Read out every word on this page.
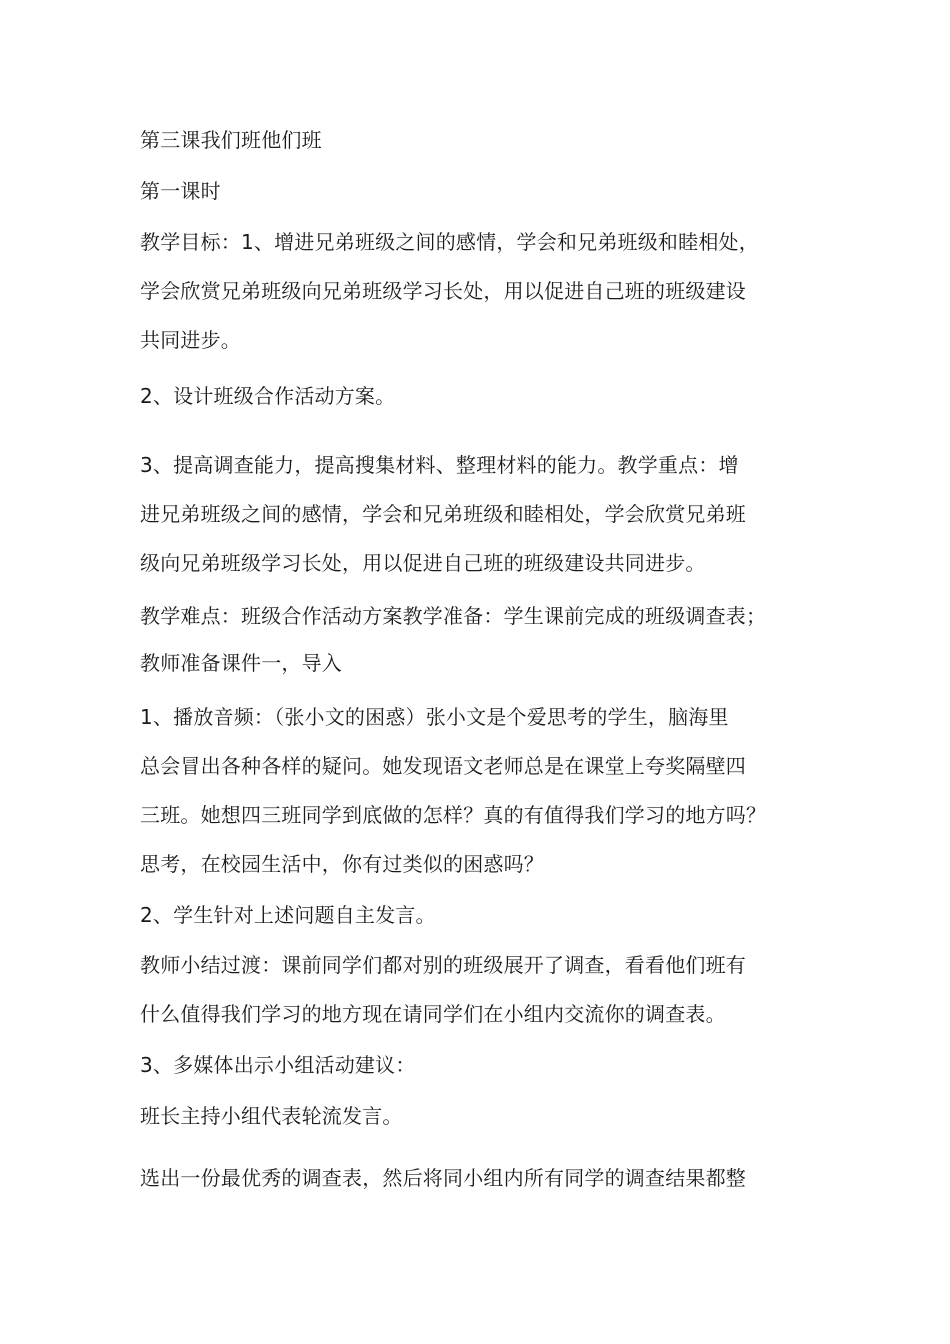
第三课我们班他们班
第一课时
教学目标：1、增进兄弟班级之间的感情，学会和兄弟班级和睦相处，
学会欣赏兄弟班级向兄弟班级学习长处，用以促进自己班的班级建设
共同进步。
2、设计班级合作活动方案。
3、提高调查能力，提高搜集材料、整理材料的能力。教学重点：增
进兄弟班级之间的感情，学会和兄弟班级和睦相处，学会欣赏兄弟班
级向兄弟班级学习长处，用以促进自己班的班级建设共同进步。
教学难点：班级合作活动方案教学准备：学生课前完成的班级调查表；
教师准备课件一，导入
1、播放音频：（张小文的困惑）张小文是个爱思考的学生，脑海里
总会冒出各种各样的疑问。她发现语文老师总是在课堂上夸奖隔壁四
三班。她想四三班同学到底做的怎样？真的有值得我们学习的地方吗？
思考，在校园生活中，你有过类似的困惑吗？
2、学生针对上述问题自主发言。
教师小结过渡：课前同学们都对别的班级展开了调查，看看他们班有
什么值得我们学习的地方现在请同学们在小组内交流你的调查表。
3、多媒体出示小组活动建议：
班长主持小组代表轮流发言。
选出一份最优秀的调查表，然后将同小组内所有同学的调查结果都整
